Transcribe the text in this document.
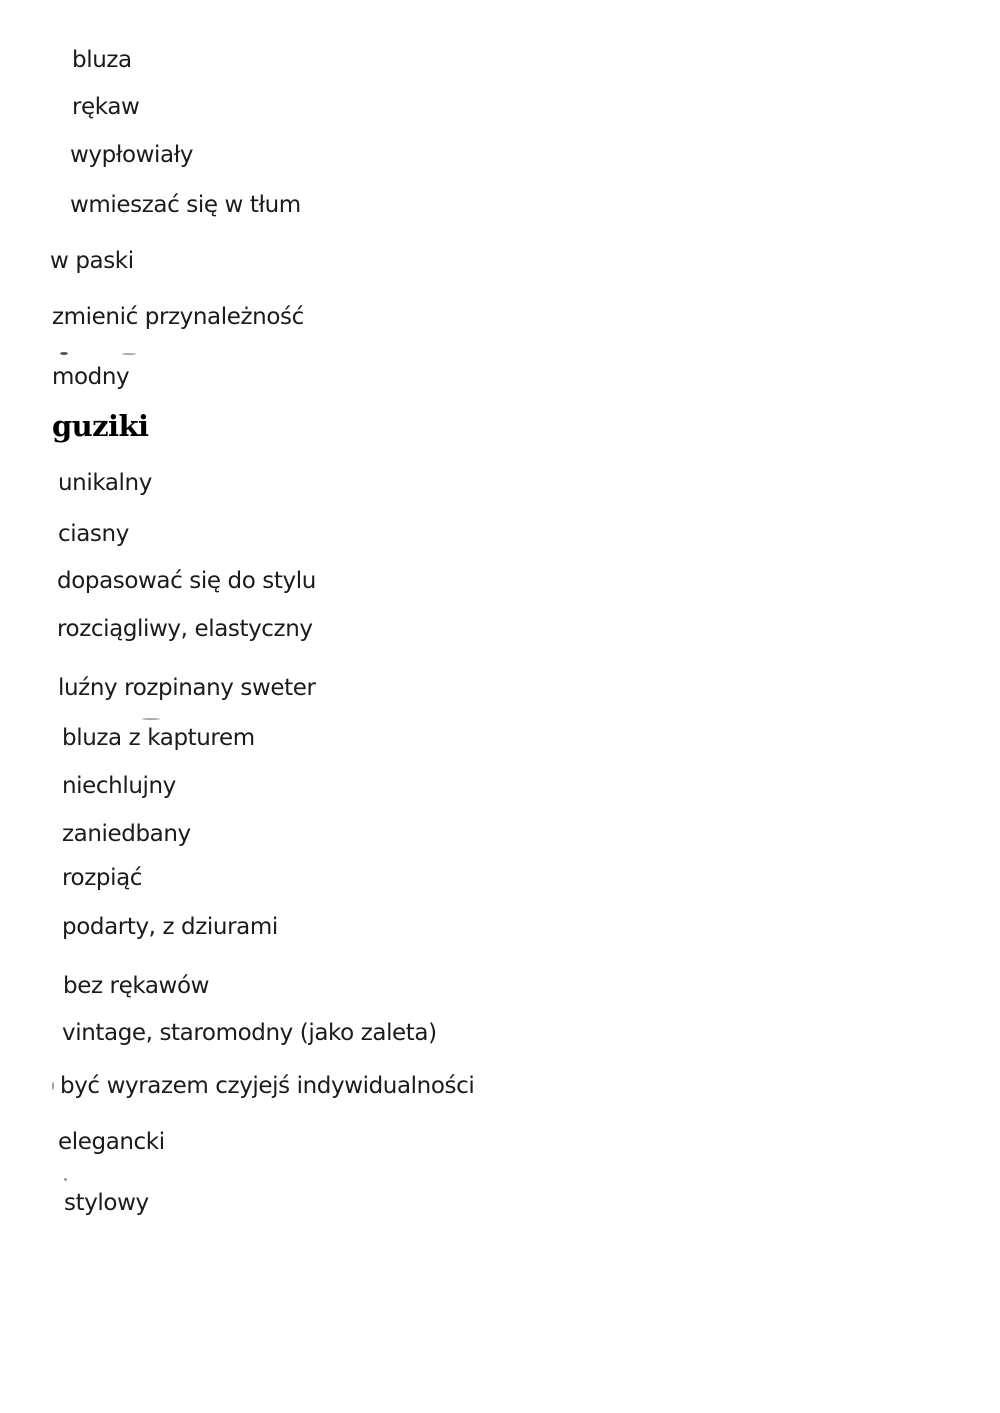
bluza
rękaw
wypłowiały
wmieszać się w tłum
w paski
zmienić przynależność
modny
guziki
unikalny
ciasny
dopasować się do stylu
rozciągliwy, elastyczny
luźny rozpinany sweter
bluza z kapturem
niechlujny
zaniedbany
rozpiąć
podarty, z dziurami
bez rękawów
vintage, staromodny (jako zaleta)
być wyrazem czyjejś indywidualności
elegancki
stylowy
